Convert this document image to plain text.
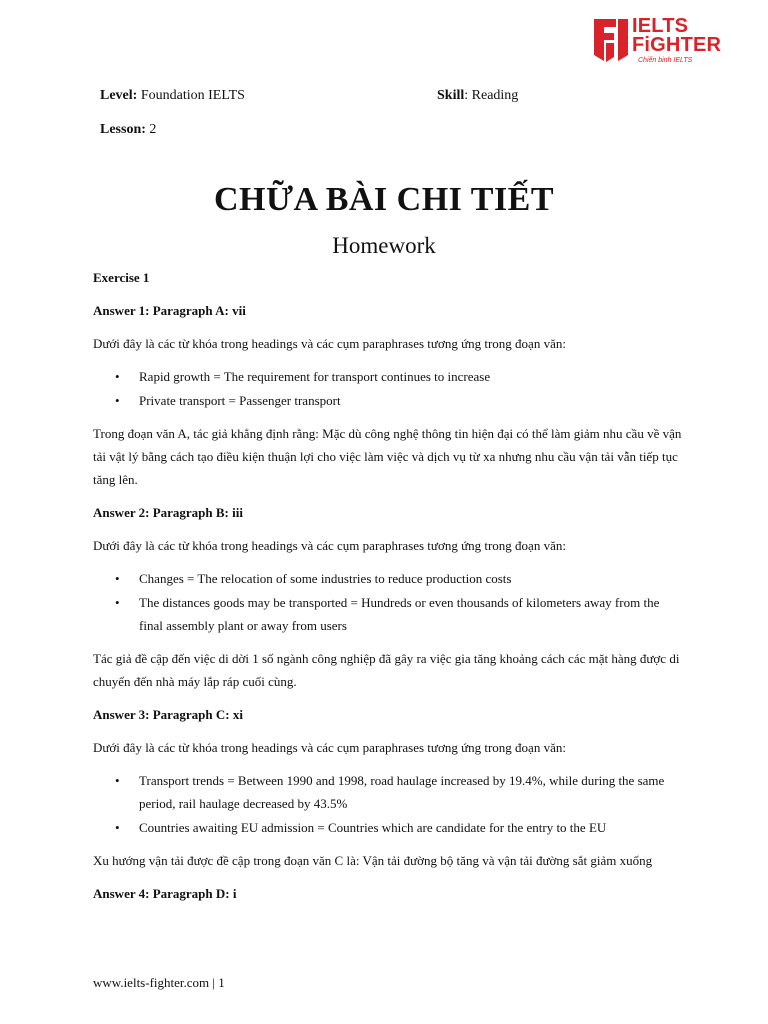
IELTS
FiGHTER
Chiến binh IELTS
Level: Foundation IELTS	Skill: Reading
Lesson: 2
CHỮA BÀI CHI TIẾT
Homework

Exercise 1

Answer 1: Paragraph A: vii

Dưới đây là các từ khóa trong headings và các cụm paraphrases tương ứng trong đoạn văn:

• Rapid growth = The requirement for transport continues to increase
• Private transport = Passenger transport

Trong đoạn văn A, tác giả khẳng định rằng: Mặc dù công nghệ thông tin hiện đại có thể làm giảm nhu cầu về vận tải vật lý bằng cách tạo điều kiện thuận lợi cho việc làm việc và dịch vụ từ xa nhưng nhu cầu vận tải vẫn tiếp tục tăng lên.

Answer 2: Paragraph B: iii

Dưới đây là các từ khóa trong headings và các cụm paraphrases tương ứng trong đoạn văn:

• Changes = The relocation of some industries to reduce production costs
• The distances goods may be transported = Hundreds or even thousands of kilometers away from the final assembly plant or away from users

Tác giả đề cập đến việc di dời 1 số ngành công nghiệp đã gây ra việc gia tăng khoảng cách các mặt hàng được di chuyển đến nhà máy lắp ráp cuối cùng.

Answer 3: Paragraph C: xi

Dưới đây là các từ khóa trong headings và các cụm paraphrases tương ứng trong đoạn văn:

• Transport trends = Between 1990 and 1998, road haulage increased by 19.4%, while during the same period, rail haulage decreased by 43.5%
• Countries awaiting EU admission = Countries which are candidate for the entry to the EU

Xu hướng vận tải được đề cập trong đoạn văn C là: Vận tải đường bộ tăng và vận tải đường sắt giảm xuống

Answer 4: Paragraph D: i

www.ielts-fighter.com | 1
